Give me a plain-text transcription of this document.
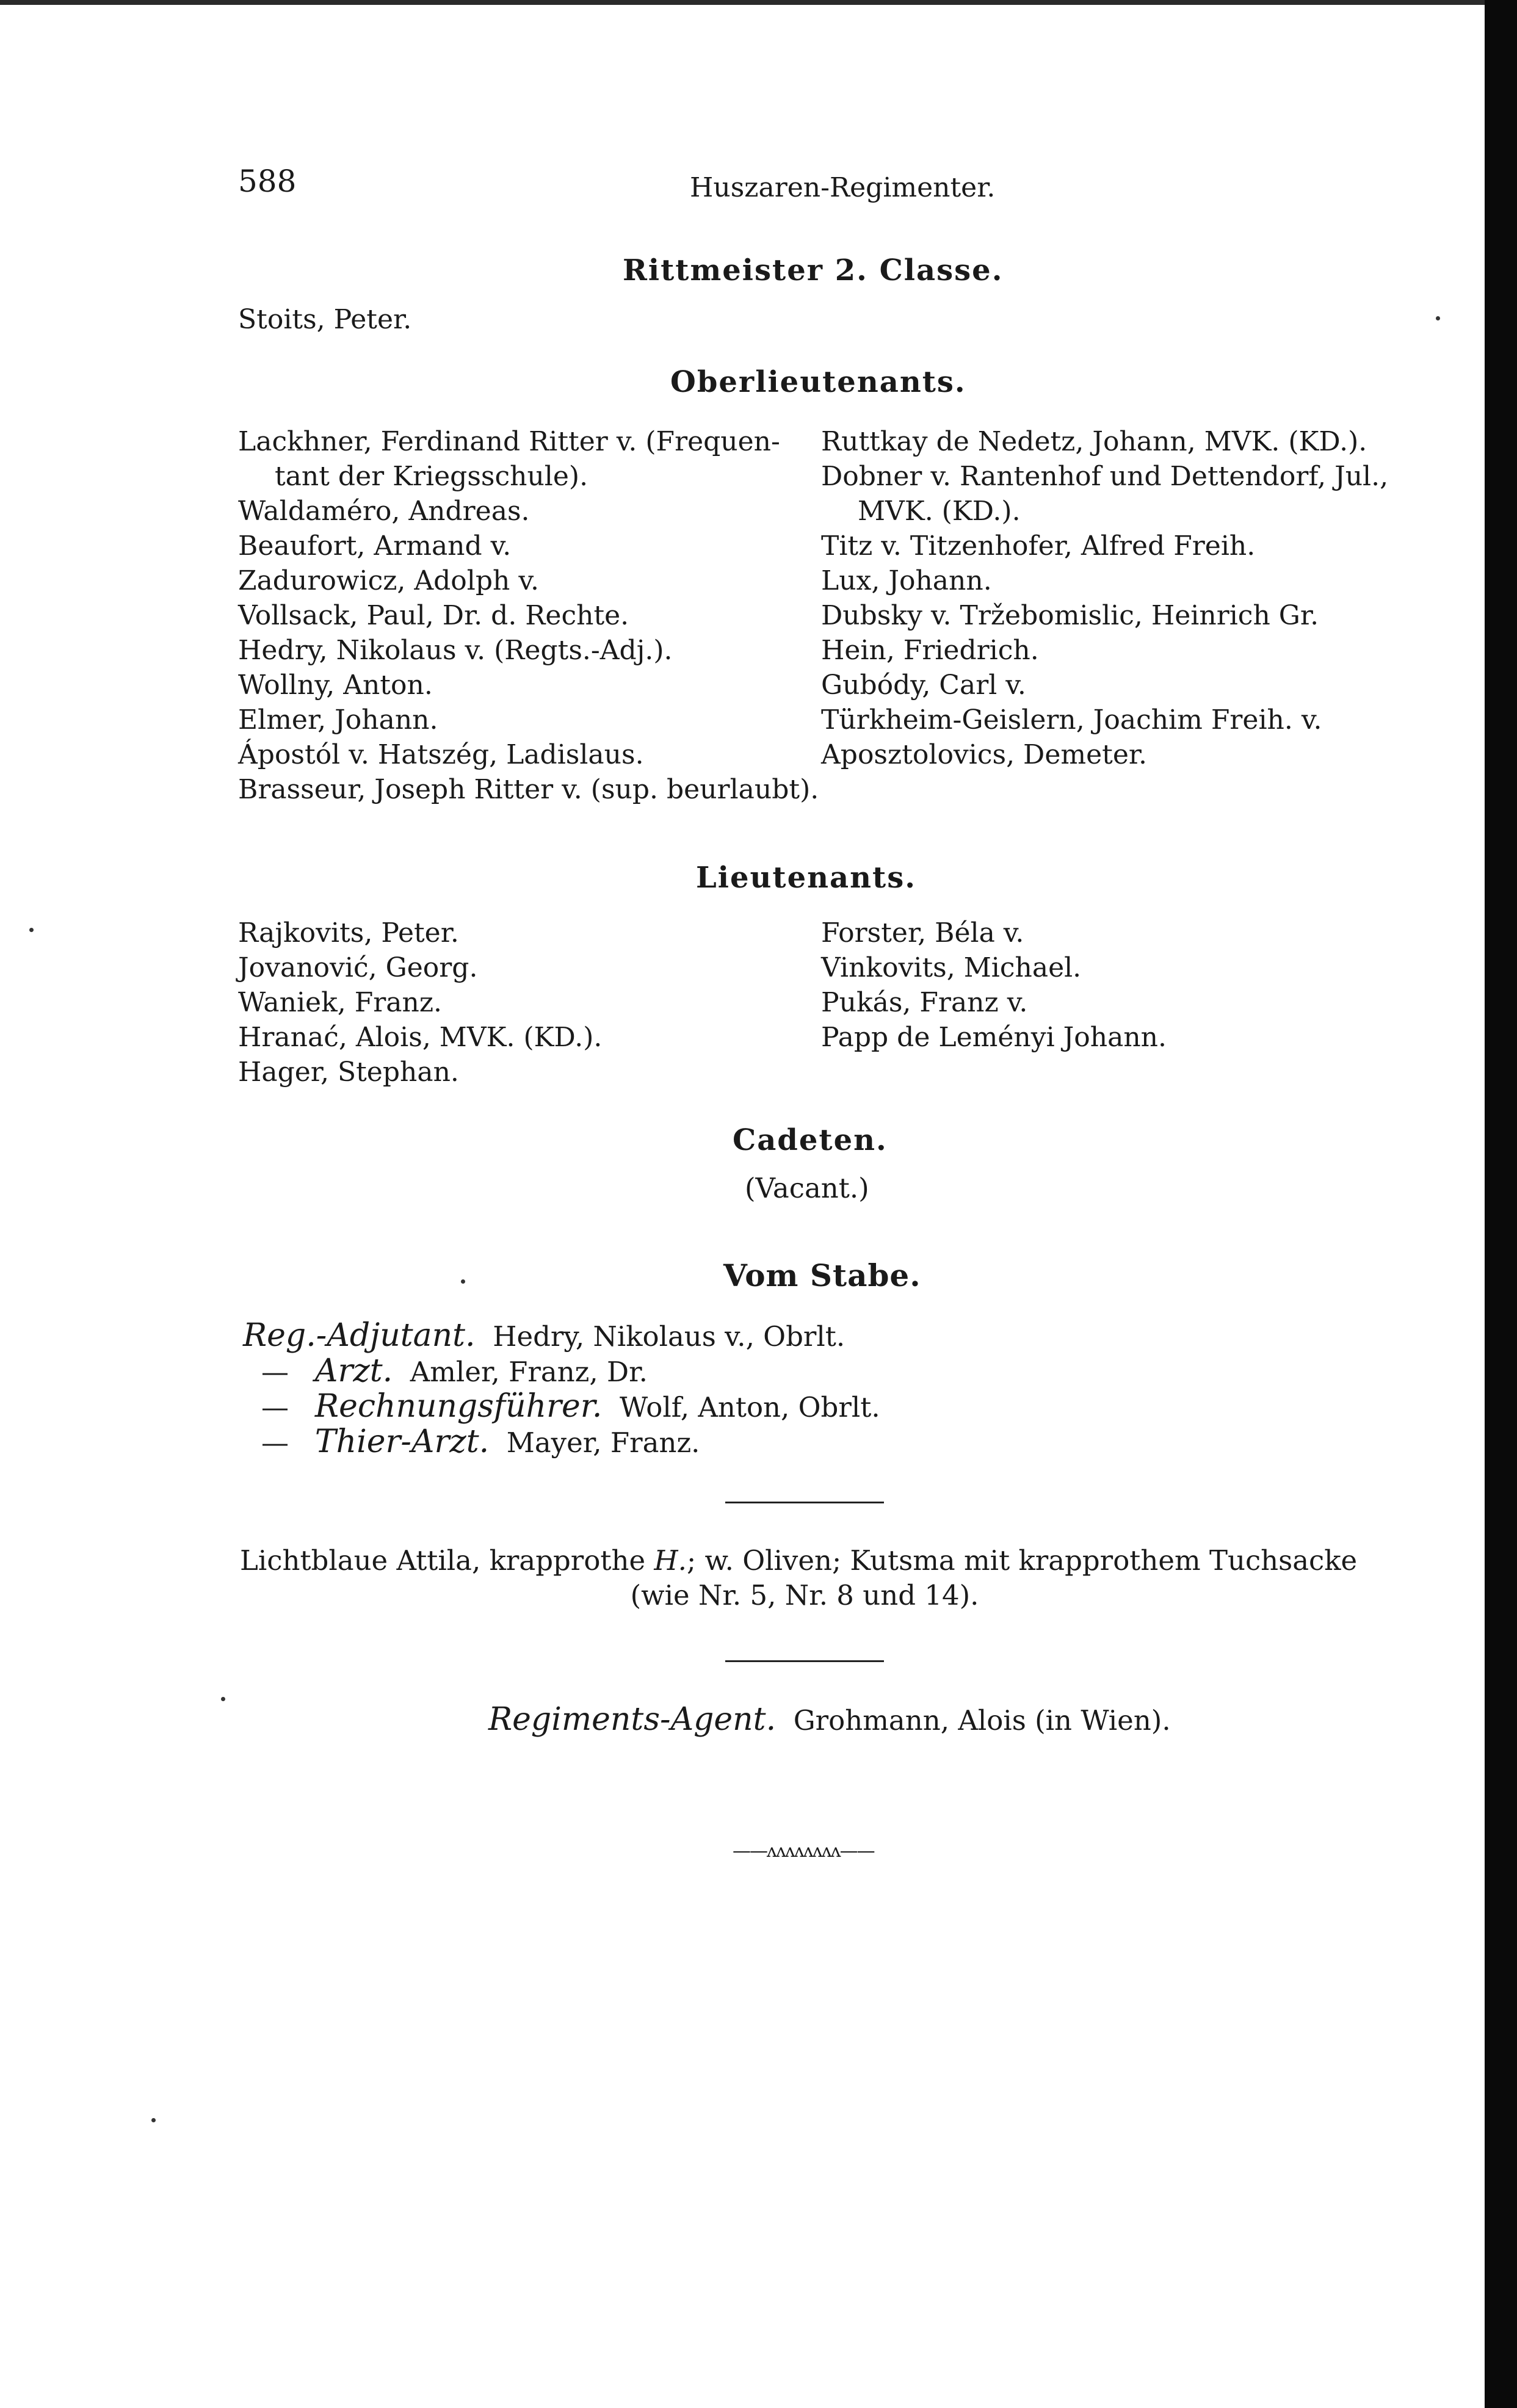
588	Huszaren-Regimenter.
Rittmeister 2. Classe.
Stoits, Peter.
Oberlieutenants.
Lackhner, Ferdinand Ritter v. (Frequen-
tant der Kriegsschule).
Waldaméro, Andreas.
Beaufort, Armand v.
Zadurowicz, Adolph v.
Vollsack, Paul, Dr. d. Rechte.
Hedry, Nikolaus v. (Regts.-Adj.).
Wollny, Anton.
Elmer, Johann.
Ápostól v. Hatszég, Ladislaus.
Brasseur, Joseph Ritter v. (sup. beurlaubt).
Ruttkay de Nedetz, Johann, MVK. (KD.).
Dobner v. Rantenhof und Dettendorf, Jul.,
MVK. (KD.).
Titz v. Titzenhofer, Alfred Freih.
Lux, Johann.
Dubsky v. Tržebomislic, Heinrich Gr.
Hein, Friedrich.
Gubódy, Carl v.
Türkheim-Geislern, Joachim Freih. v.
Aposztolovics, Demeter.
Lieutenants.
Rajkovits, Peter.
Jovanović, Georg.
Waniek, Franz.
Hranać, Alois, MVK. (KD.).
Hager, Stephan.
Forster, Béla v.
Vinkovits, Michael.
Pukás, Franz v.
Papp de Leményi Johann.
Cadeten.
(Vacant.)
Vom Stabe.
Reg.-Adjutant. Hedry, Nikolaus v., Obrlt.
— Arzt. Amler, Franz, Dr.
— Rechnungsführer. Wolf, Anton, Obrlt.
— Thier-Arzt. Mayer, Franz.
Lichtblaue Attila, krapprothe H.; w. Oliven; Kutsma mit krapprothem Tuchsacke
(wie Nr. 5, Nr. 8 und 14).
Regiments-Agent. Grohmann, Alois (in Wien).
——ʌʌʌʌʌʌʌʌ——
